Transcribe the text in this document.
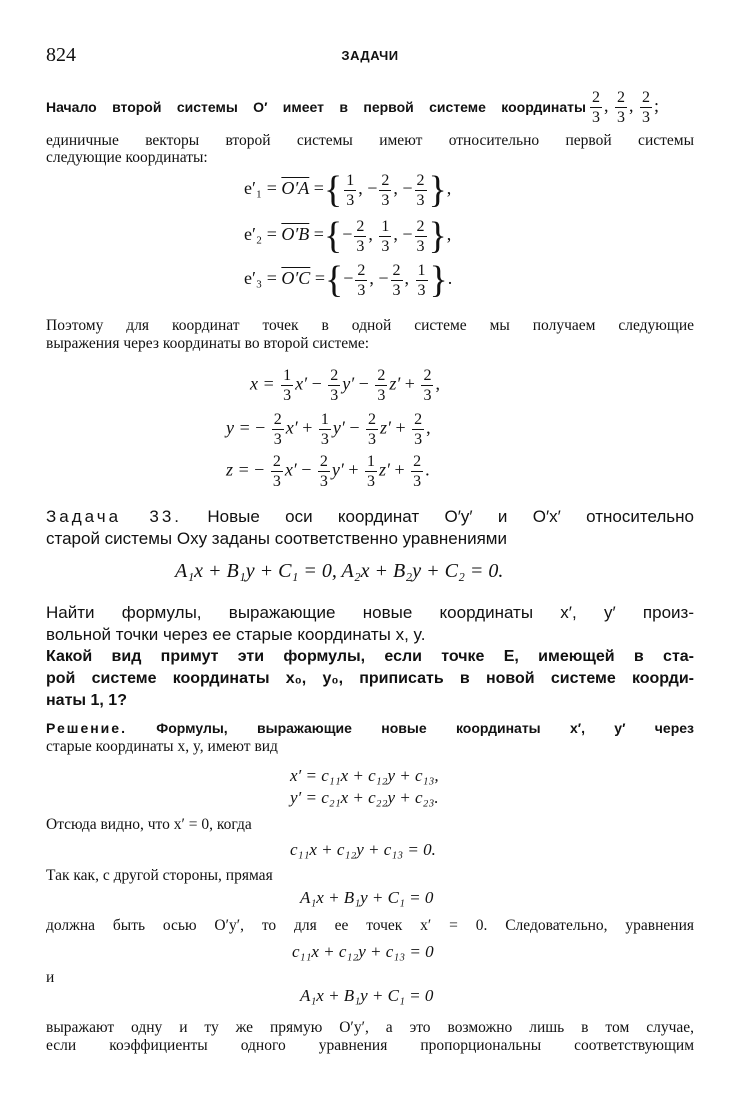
824	ЗАДАЧИ
Начало второй системы O′ имеет в первой системе координаты $\frac{2}{3}$ , $\frac{2}{3}$ , $\frac{2}{3}$ ;
единичные векторы второй системы имеют относительно первой системы
следующие координаты:
e′₁ = O′A ={ $\frac{1}{3}$ , − $\frac{2}{3}$ , − $\frac{2}{3}$ },
e′₂ = O′B ={− $\frac{2}{3}$ , $\frac{1}{3}$ , − $\frac{2}{3}$ },
e′₃ = O′C ={− $\frac{2}{3}$ , − $\frac{2}{3}$ , $\frac{1}{3}$ }.
Поэтому для координат точек в одной системе мы получаем следующие
выражения через координаты во второй системе:
$x = \frac{1}{3} x' - \frac{2}{3} y' - \frac{2}{3} z' + \frac{2}{3}$ ,
y = − $\frac{2}{3} x' + \frac{1}{3} y' - \frac{2}{3} z' + \frac{2}{3}$ ,
z = − $\frac{2}{3} x' - \frac{2}{3} y' + \frac{1}{3} z' + \frac{2}{3}$ .
Задача 33. Новые оси координат O′y′ и O′x′ относительно
старой системы Oxy заданы соответственно уравнениями
A₁x + B₁y + C₁ = 0, A₂x + B₂y + C₂ = 0.
Найти формулы, выражающие новые координаты x′, y′ произ-
вольной точки через ее старые координаты x, y.
Какой вид примут эти формулы, если точке E, имеющей в ста-
рой системе координаты x₀, y₀, приписать в новой системе коорди-
наты 1, 1?
Решение. Формулы, выражающие новые координаты x′, y′ через
старые координаты x, y, имеют вид
x′ = c₁₁x + c₁₂y + c₁₃,
y′ = c₂₁x + c₂₂y + c₂₃.
Отсюда видно, что x′ = 0, когда
c₁₁x + c₁₂y + c₁₃ = 0.
Так как, с другой стороны, прямая
A₁x + B₁y + C₁ = 0
должна быть осью O′y′, то для ее точек x′ = 0. Следовательно, уравнения
c₁₁x + c₁₂y + c₁₃ = 0
и
A₁x + B₁y + C₁ = 0
выражают одну и ту же прямую O′y′, а это возможно лишь в том случае,
если коэффициенты одного уравнения пропорциональны соответствующим
